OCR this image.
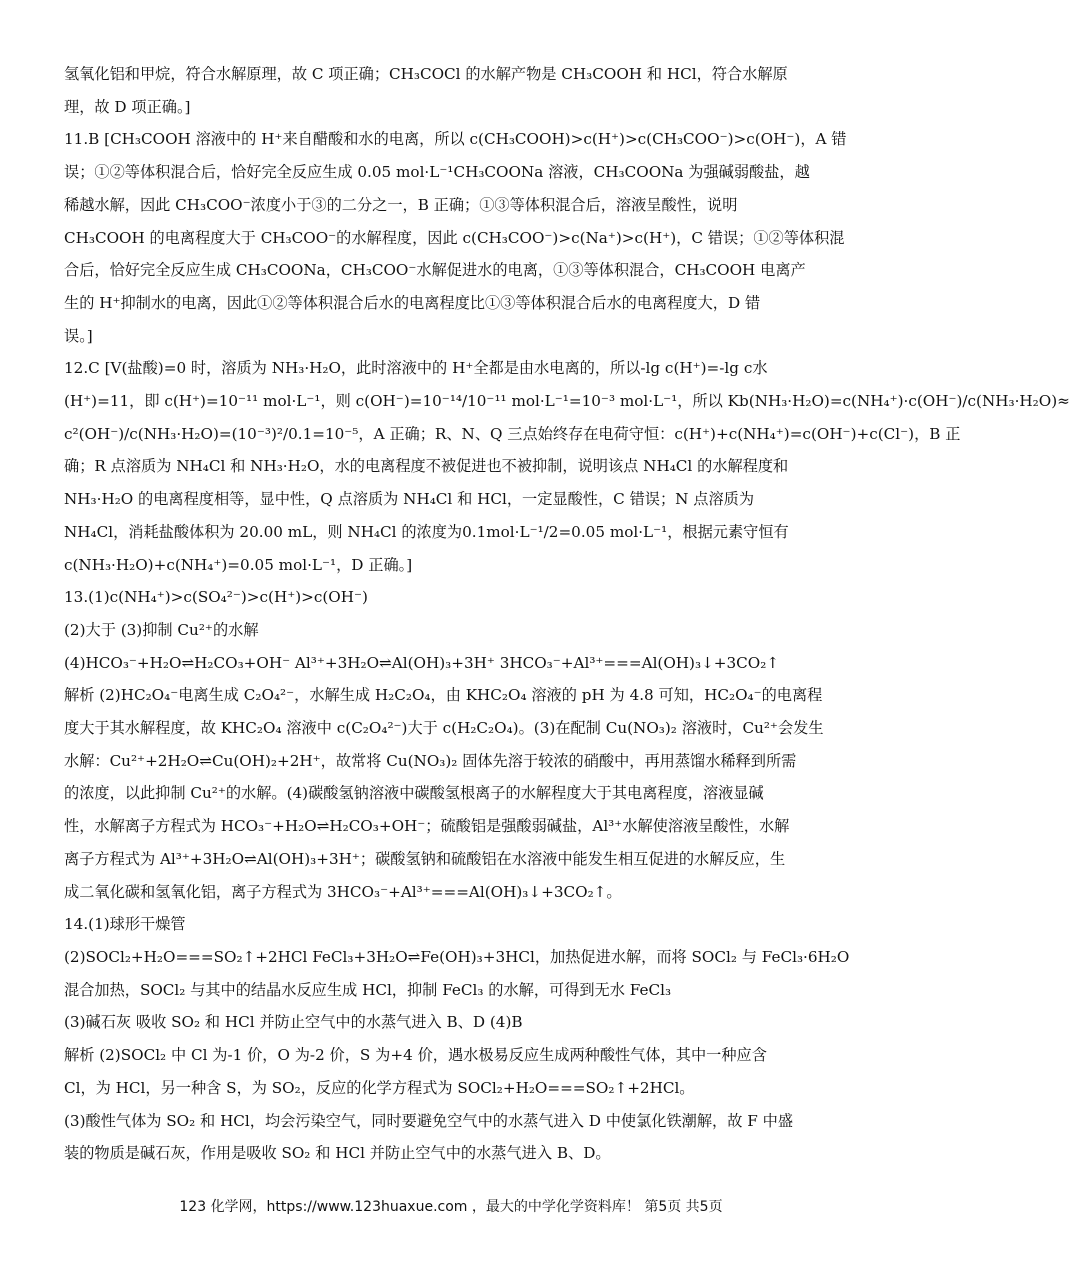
氢氧化铝和甲烷，符合水解原理，故 C 项正确；CH₃COCl 的水解产物是 CH₃COOH 和 HCl，符合水解原
理，故 D 项正确。]
11.B [CH₃COOH 溶液中的 H⁺来自醋酸和水的电离，所以 c(CH₃COOH)>c(H⁺)>c(CH₃COO⁻)>c(OH⁻)，A 错
误；①②等体积混合后，恰好完全反应生成 0.05 mol·L⁻¹CH₃COONa 溶液，CH₃COONa 为强碱弱酸盐，越
稀越水解，因此 CH₃COO⁻浓度小于③的二分之一，B 正确；①③等体积混合后，溶液呈酸性，说明
CH₃COOH 的电离程度大于 CH₃COO⁻的水解程度，因此 c(CH₃COO⁻)>c(Na⁺)>c(H⁺)，C 错误；①②等体积混
合后，恰好完全反应生成 CH₃COONa，CH₃COO⁻水解促进水的电离，①③等体积混合，CH₃COOH 电离产
生的 H⁺抑制水的电离，因此①②等体积混合后水的电离程度比①③等体积混合后水的电离程度大，D 错
误。]
12.C [V(盐酸)=0 时，溶质为 NH₃·H₂O，此时溶液中的 H⁺全都是由水电离的，所以-lg c(H⁺)=-lg c水
(H⁺)=11，即 c(H⁺)=10⁻¹¹ mol·L⁻¹，则 c(OH⁻)=10⁻¹⁴/10⁻¹¹ mol·L⁻¹=10⁻³ mol·L⁻¹，所以 Kb(NH₃·H₂O)=c(NH₄⁺)·c(OH⁻)/c(NH₃·H₂O)≈
c²(OH⁻)/c(NH₃·H₂O)=(10⁻³)²/0.1=10⁻⁵，A 正确；R、N、Q 三点始终存在电荷守恒：c(H⁺)+c(NH₄⁺)=c(OH⁻)+c(Cl⁻)，B 正
确；R 点溶质为 NH₄Cl 和 NH₃·H₂O，水的电离程度不被促进也不被抑制，说明该点 NH₄Cl 的水解程度和
NH₃·H₂O 的电离程度相等，显中性，Q 点溶质为 NH₄Cl 和 HCl，一定显酸性，C 错误；N 点溶质为
NH₄Cl，消耗盐酸体积为 20.00 mL，则 NH₄Cl 的浓度为0.1mol·L⁻¹/2=0.05 mol·L⁻¹，根据元素守恒有
c(NH₃·H₂O)+c(NH₄⁺)=0.05 mol·L⁻¹，D 正确。]
13.(1)c(NH₄⁺)>c(SO₄²⁻)>c(H⁺)>c(OH⁻)
(2)大于 (3)抑制 Cu²⁺的水解
(4)HCO₃⁻+H₂O⇌H₂CO₃+OH⁻ Al³⁺+3H₂O⇌Al(OH)₃+3H⁺ 3HCO₃⁻+Al³⁺===Al(OH)₃↓+3CO₂↑
解析 (2)HC₂O₄⁻电离生成 C₂O₄²⁻，水解生成 H₂C₂O₄，由 KHC₂O₄ 溶液的 pH 为 4.8 可知，HC₂O₄⁻的电离程
度大于其水解程度，故 KHC₂O₄ 溶液中 c(C₂O₄²⁻)大于 c(H₂C₂O₄)。(3)在配制 Cu(NO₃)₂ 溶液时，Cu²⁺会发生
水解：Cu²⁺+2H₂O⇌Cu(OH)₂+2H⁺，故常将 Cu(NO₃)₂ 固体先溶于较浓的硝酸中，再用蒸馏水稀释到所需
的浓度，以此抑制 Cu²⁺的水解。(4)碳酸氢钠溶液中碳酸氢根离子的水解程度大于其电离程度，溶液显碱
性，水解离子方程式为 HCO₃⁻+H₂O⇌H₂CO₃+OH⁻；硫酸铝是强酸弱碱盐，Al³⁺水解使溶液呈酸性，水解
离子方程式为 Al³⁺+3H₂O⇌Al(OH)₃+3H⁺；碳酸氢钠和硫酸铝在水溶液中能发生相互促进的水解反应，生
成二氧化碳和氢氧化铝，离子方程式为 3HCO₃⁻+Al³⁺===Al(OH)₃↓+3CO₂↑。
14.(1)球形干燥管
(2)SOCl₂+H₂O===SO₂↑+2HCl FeCl₃+3H₂O⇌Fe(OH)₃+3HCl，加热促进水解，而将 SOCl₂ 与 FeCl₃·6H₂O
混合加热，SOCl₂ 与其中的结晶水反应生成 HCl，抑制 FeCl₃ 的水解，可得到无水 FeCl₃
(3)碱石灰 吸收 SO₂ 和 HCl 并防止空气中的水蒸气进入 B、D (4)B
解析 (2)SOCl₂ 中 Cl 为-1 价，O 为-2 价，S 为+4 价，遇水极易反应生成两种酸性气体，其中一种应含
Cl，为 HCl，另一种含 S，为 SO₂，反应的化学方程式为 SOCl₂+H₂O===SO₂↑+2HCl。
(3)酸性气体为 SO₂ 和 HCl，均会污染空气，同时要避免空气中的水蒸气进入 D 中使氯化铁潮解，故 F 中盛
装的物质是碱石灰，作用是吸收 SO₂ 和 HCl 并防止空气中的水蒸气进入 B、D。
123 化学网，https://www.123huaxue.com ，最大的中学化学资料库！ 第5页 共5页
